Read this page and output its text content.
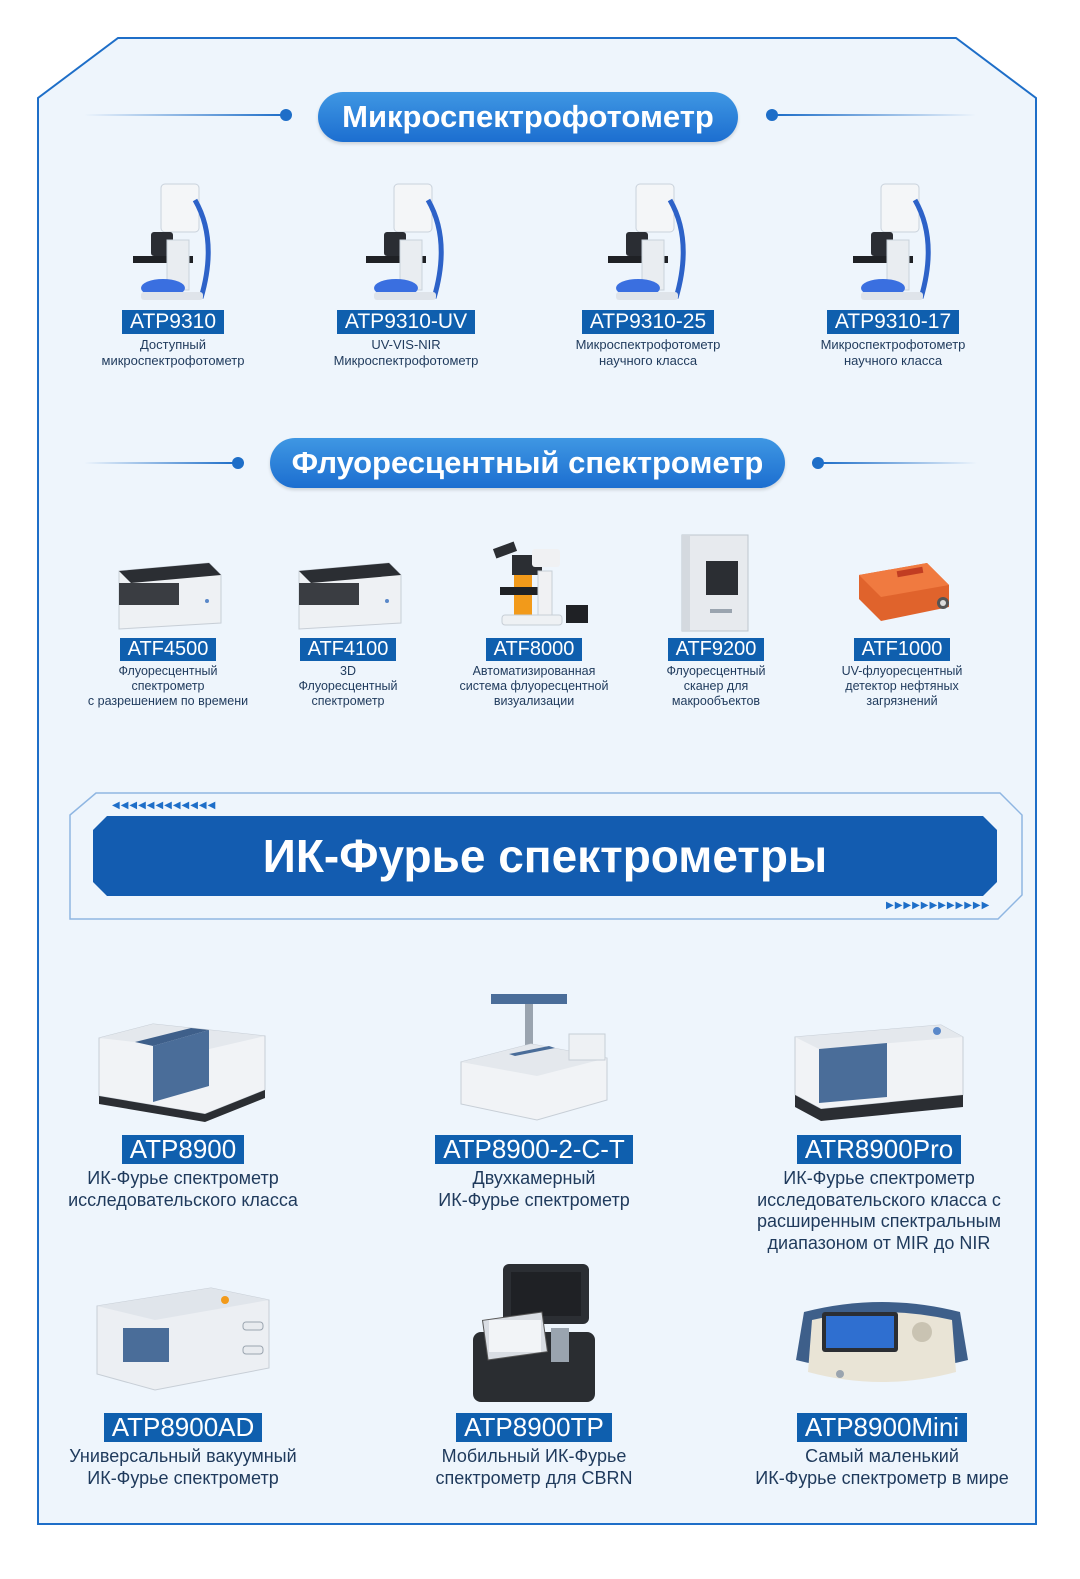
Микроспектрофотометр
ATP9310
Доступный
микроспектрофотометр
ATP9310-UV
UV-VIS-NIR
Микроспектрофотометр
ATP9310-25
Микроспектрофотометр
научного класса
ATP9310-17
Микроспектрофотометр
научного класса
Флуоресцентный спектрометр
ATF4500
Флуоресцентный
спектрометр
с разрешением по времени
ATF4100
3D
Флуоресцентный
спектрометр
ATF8000
Автоматизированная
система флуоресцентной
визуализации
ATF9200
Флуоресцентный
сканер для
макрообъектов
ATF1000
UV-флуоресцентный
детектор нефтяных
загрязнений
◀◀◀◀◀◀◀◀◀◀◀◀
ИК-Фурье спектрометры
▶▶▶▶▶▶▶▶▶▶▶▶
ATP8900
ИК-Фурье спектрометр
исследовательского класса
ATP8900-2-C-T
Двухкамерный
ИК-Фурье спектрометр
ATR8900Pro
ИК-Фурье спектрометр
исследовательского класса с
расширенным спектральным
диапазоном от MIR до NIR
ATP8900AD
Универсальный вакуумный
ИК-Фурье спектрометр
ATP8900TP
Мобильный ИК-Фурье
спектрометр для CBRN
ATP8900Mini
Самый маленький
ИК-Фурье спектрометр в мире
